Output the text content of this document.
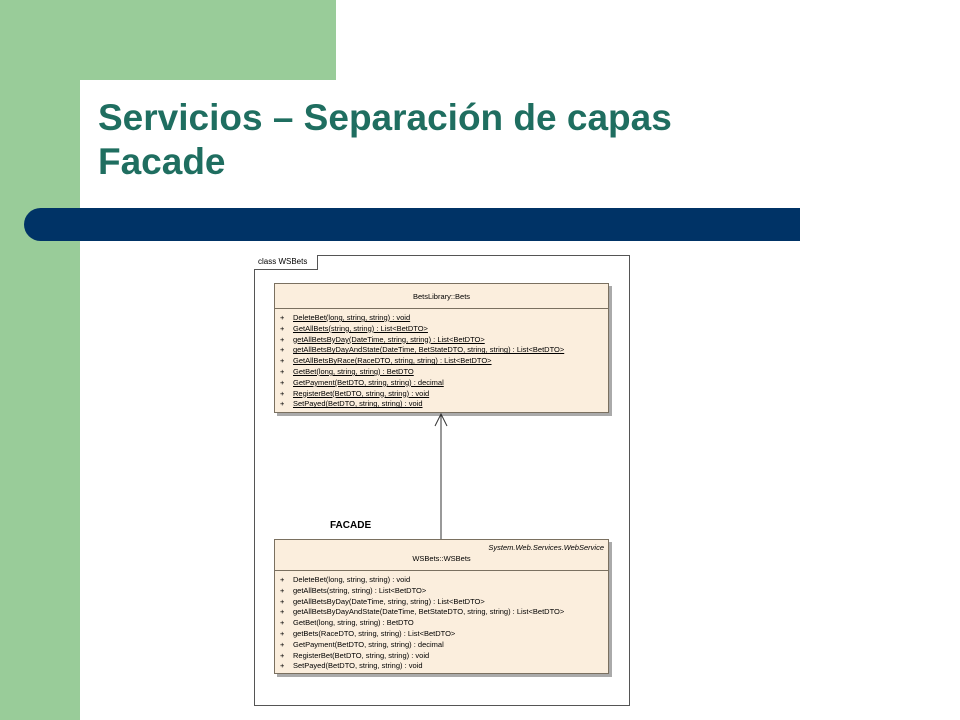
Servicios – Separación de capas
Facade
class WSBets
BetsLibrary::Bets
+ DeleteBet(long, string, string) : void
+ GetAllBets(string, string) : List<BetDTO>
+ getAllBetsByDay(DateTime, string, string) : List<BetDTO>
+ getAllBetsByDayAndState(DateTime, BetStateDTO, string, string) : List<BetDTO>
+ GetAllBetsByRace(RaceDTO, string, string) : List<BetDTO>
+ GetBet(long, string, string) : BetDTO
+ GetPayment(BetDTO, string, string) : decimal
+ RegisterBet(BetDTO, string, string) : void
+ SetPayed(BetDTO, string, string) : void
FACADE
System.Web.Services.WebService
WSBets::WSBets
+ DeleteBet(long, string, string) : void
+ getAllBets(string, string) : List<BetDTO>
+ getAllBetsByDay(DateTime, string, string) : List<BetDTO>
+ getAllBetsByDayAndState(DateTime, BetStateDTO, string, string) : List<BetDTO>
+ GetBet(long, string, string) : BetDTO
+ getBets(RaceDTO, string, string) : List<BetDTO>
+ GetPayment(BetDTO, string, string) : decimal
+ RegisterBet(BetDTO, string, string) : void
+ SetPayed(BetDTO, string, string) : void
